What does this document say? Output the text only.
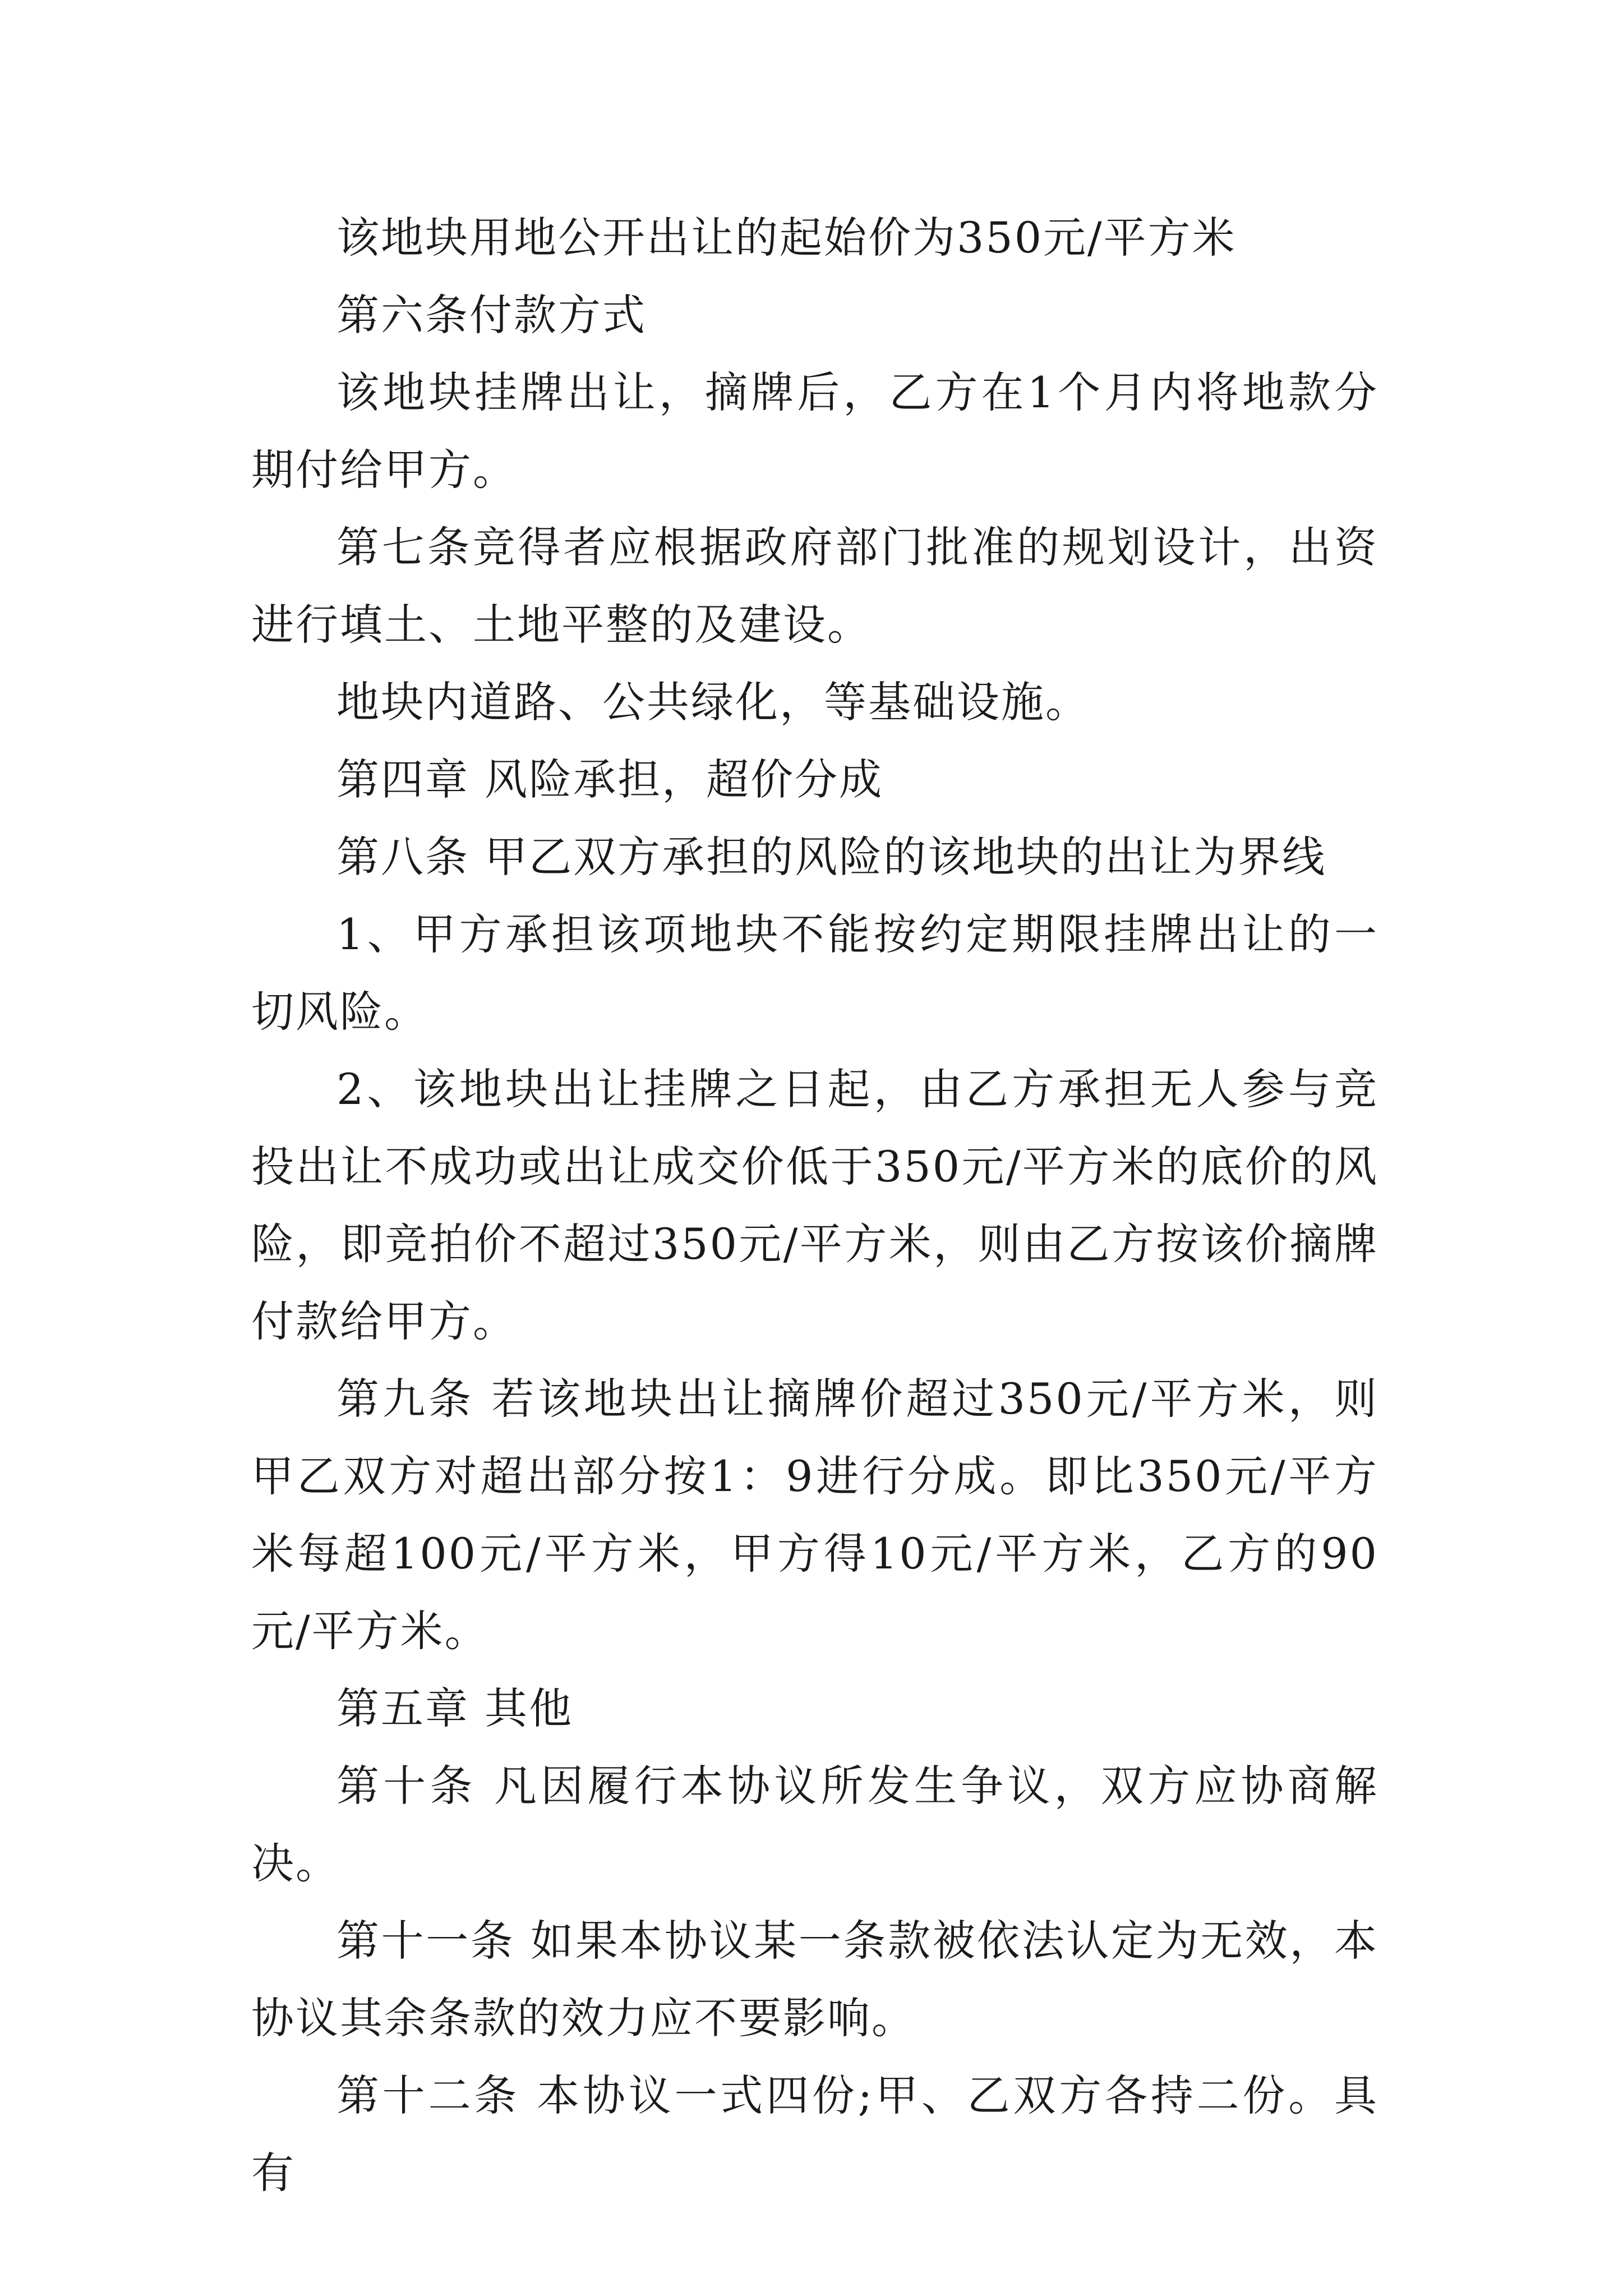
该地块用地公开出让的起始价为350元/平方米

第六条付款方式

该地块挂牌出让，摘牌后，乙方在1个月内将地款分期付给甲方。

第七条竞得者应根据政府部门批准的规划设计，出资进行填土、土地平整的及建设。

地块内道路、公共绿化，等基础设施。

第四章 风险承担，超价分成

第八条 甲乙双方承担的风险的该地块的出让为界线

1、甲方承担该项地块不能按约定期限挂牌出让的一切风险。

2、该地块出让挂牌之日起，由乙方承担无人参与竞投出让不成功或出让成交价低于350元/平方米的底价的风险，即竞拍价不超过350元/平方米，则由乙方按该价摘牌付款给甲方。

第九条 若该地块出让摘牌价超过350元/平方米，则甲乙双方对超出部分按1：9进行分成。即比350元/平方米每超100元/平方米，甲方得10元/平方米，乙方的90元/平方米。

第五章 其他

第十条 凡因履行本协议所发生争议，双方应协商解决。

第十一条 如果本协议某一条款被依法认定为无效，本协议其余条款的效力应不要影响。

第十二条 本协议一式四份;甲、乙双方各持二份。具有
